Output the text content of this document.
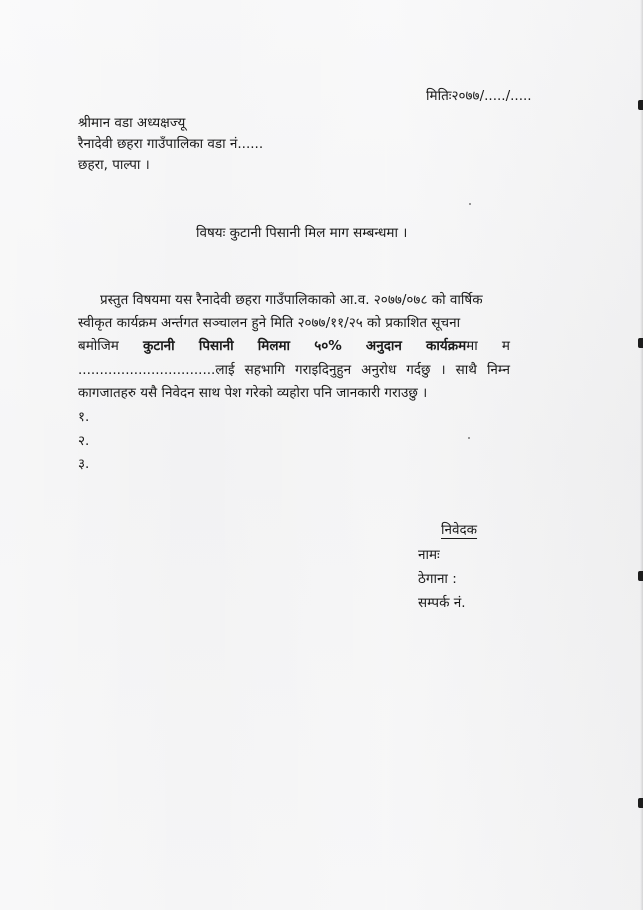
मितिः२०७७/...../.....
श्रीमान वडा अध्यक्षज्यू
रैनादेवी छहरा गाउँपालिका वडा नं......
छहरा, पाल्पा ।
विषयः कुटानी पिसानी मिल माग सम्बन्धमा ।
प्रस्तुत विषयमा यस रैनादेवी छहरा गाउँपालिकाको आ.व. २०७७/०७८ को वार्षिक
स्वीकृत कार्यक्रम अर्न्तगत सञ्चालन हुने मिति २०७७/११/२५ को प्रकाशित सूचना
बमोजिम कुटानी पिसानी मिलमा ५०% अनुदान कार्यक्रममा म
................................लाई सहभागि गराइदिनुहुन अनुरोध गर्दछु । साथै निम्न
कागजातहरु यसै निवेदन साथ पेश गरेको व्यहोरा पनि जानकारी गराउछु ।
१.
२.
३.
निवेदक
नामः
ठेगाना :
सम्पर्क नं.
